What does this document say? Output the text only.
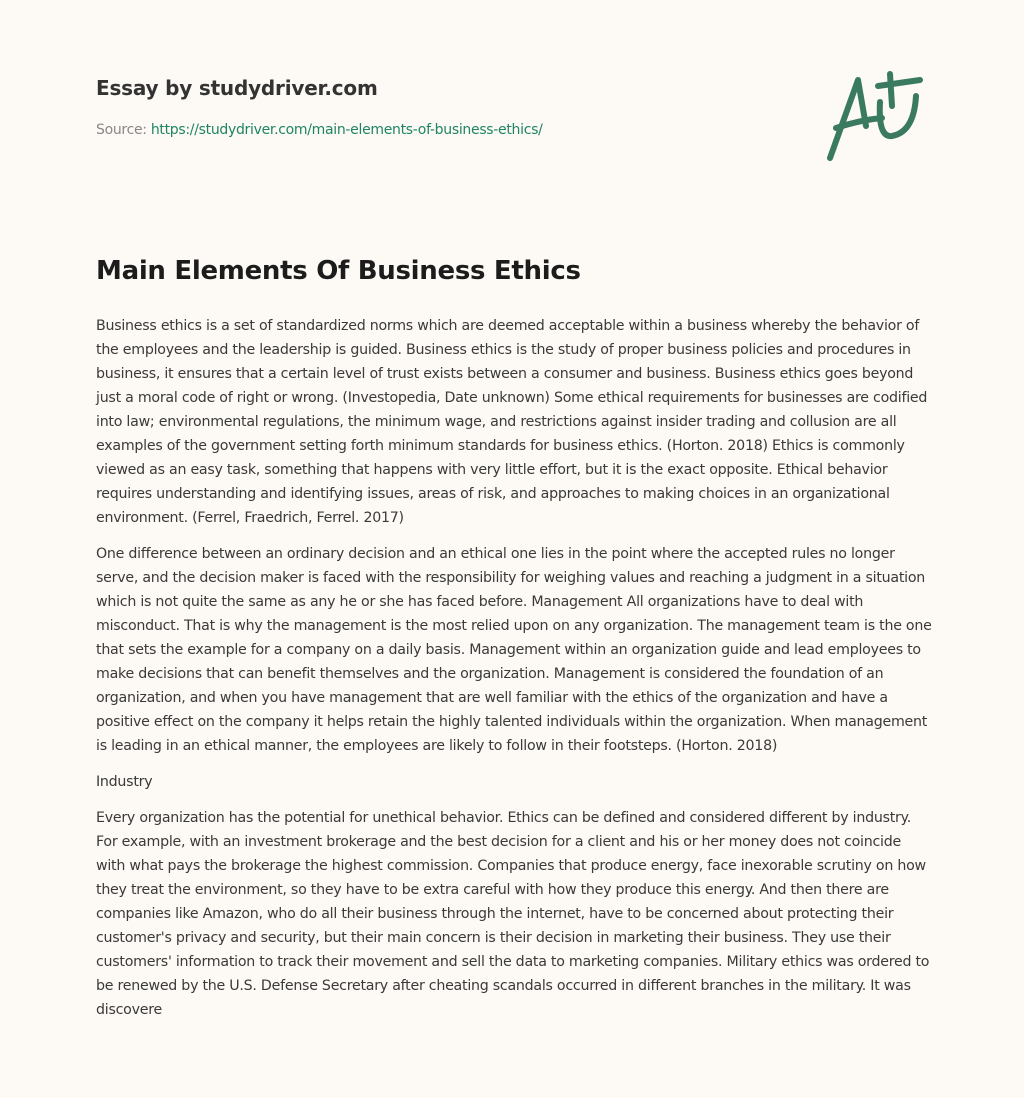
Essay by studydriver.com
Source: https://studydriver.com/main-elements-of-business-ethics/
Main Elements Of Business Ethics

Business ethics is a set of standardized norms which are deemed acceptable within a business whereby the behavior of the employees and the leadership is guided. Business ethics is the study of proper business policies and procedures in business, it ensures that a certain level of trust exists between a consumer and business. Business ethics goes beyond just a moral code of right or wrong. (Investopedia, Date unknown) Some ethical requirements for businesses are codified into law; environmental regulations, the minimum wage, and restrictions against insider trading and collusion are all examples of the government setting forth minimum standards for business ethics. (Horton. 2018) Ethics is commonly viewed as an easy task, something that happens with very little effort, but it is the exact opposite. Ethical behavior requires understanding and identifying issues, areas of risk, and approaches to making choices in an organizational environment. (Ferrel, Fraedrich, Ferrel. 2017)

One difference between an ordinary decision and an ethical one lies in the point where the accepted rules no longer serve, and the decision maker is faced with the responsibility for weighing values and reaching a judgment in a situation which is not quite the same as any he or she has faced before. Management All organizations have to deal with misconduct. That is why the management is the most relied upon on any organization. The management team is the one that sets the example for a company on a daily basis. Management within an organization guide and lead employees to make decisions that can benefit themselves and the organization. Management is considered the foundation of an organization, and when you have management that are well familiar with the ethics of the organization and have a positive effect on the company it helps retain the highly talented individuals within the organization. When management is leading in an ethical manner, the employees are likely to follow in their footsteps. (Horton. 2018)

Industry

Every organization has the potential for unethical behavior. Ethics can be defined and considered different by industry. For example, with an investment brokerage and the best decision for a client and his or her money does not coincide with what pays the brokerage the highest commission. Companies that produce energy, face inexorable scrutiny on how they treat the environment, so they have to be extra careful with how they produce this energy. And then there are companies like Amazon, who do all their business through the internet, have to be concerned about protecting their customer's privacy and security, but their main concern is their decision in marketing their business. They use their customers' information to track their movement and sell the data to marketing companies. Military ethics was ordered to be renewed by the U.S. Defense Secretary after cheating scandals occurred in different branches in the military. It was discovere
